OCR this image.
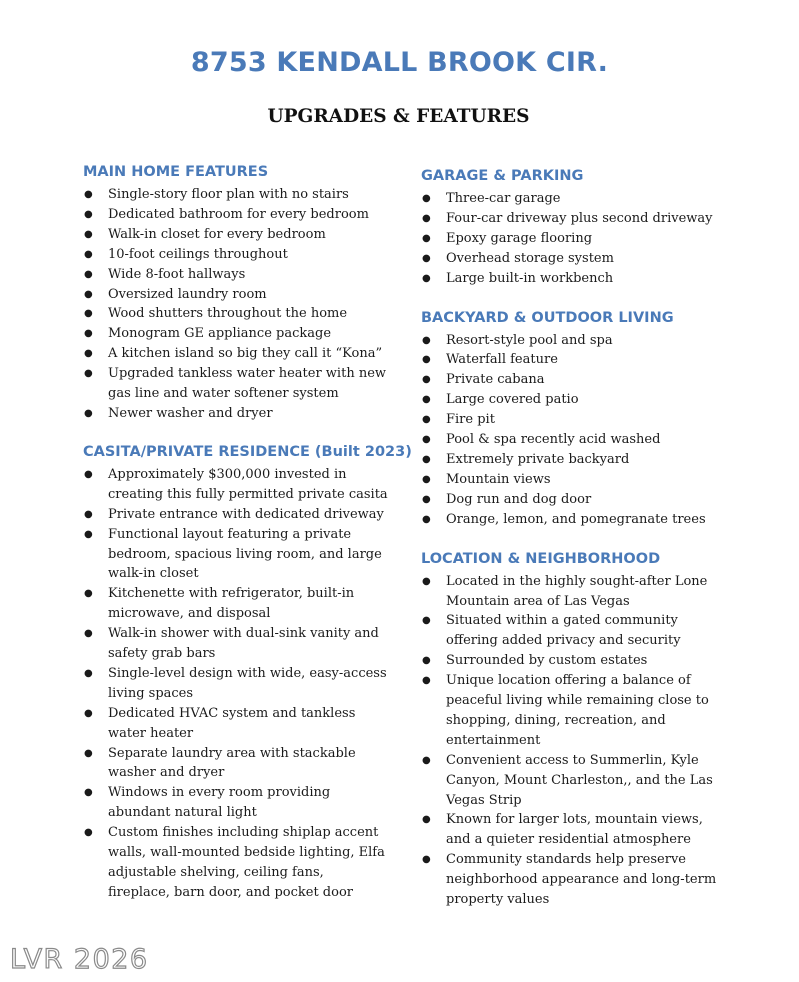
8753 KENDALL BROOK CIR.
UPGRADES & FEATURES
MAIN HOME FEATURES
● Single-story floor plan with no stairs
● Dedicated bathroom for every bedroom
● Walk-in closet for every bedroom
● 10-foot ceilings throughout
● Wide 8-foot hallways
● Oversized laundry room
● Wood shutters throughout the home
● Monogram GE appliance package
● A kitchen island so big they call it “Kona”
● Upgraded tankless water heater with new gas line and water softener system
● Newer washer and dryer
CASITA/PRIVATE RESIDENCE (Built 2023)
● Approximately $300,000 invested in creating this fully permitted private casita
● Private entrance with dedicated driveway
● Functional layout featuring a private bedroom, spacious living room, and large walk-in closet
● Kitchenette with refrigerator, built-in microwave, and disposal
● Walk-in shower with dual-sink vanity and safety grab bars
● Single-level design with wide, easy-access living spaces
● Dedicated HVAC system and tankless water heater
● Separate laundry area with stackable washer and dryer
● Windows in every room providing abundant natural light
● Custom finishes including shiplap accent walls, wall-mounted bedside lighting, Elfa adjustable shelving, ceiling fans, fireplace, barn door, and pocket door
GARAGE & PARKING
● Three-car garage
● Four-car driveway plus second driveway
● Epoxy garage flooring
● Overhead storage system
● Large built-in workbench
BACKYARD & OUTDOOR LIVING
● Resort-style pool and spa
● Waterfall feature
● Private cabana
● Large covered patio
● Fire pit
● Pool & spa recently acid washed
● Extremely private backyard
● Mountain views
● Dog run and dog door
● Orange, lemon, and pomegranate trees
LOCATION & NEIGHBORHOOD
● Located in the highly sought-after Lone Mountain area of Las Vegas
● Situated within a gated community offering added privacy and security
● Surrounded by custom estates
● Unique location offering a balance of peaceful living while remaining close to shopping, dining, recreation, and entertainment
● Convenient access to Summerlin, Kyle Canyon, Mount Charleston,, and the Las Vegas Strip
● Known for larger lots, mountain views, and a quieter residential atmosphere
● Community standards help preserve neighborhood appearance and long-term property values
LVR 2026
